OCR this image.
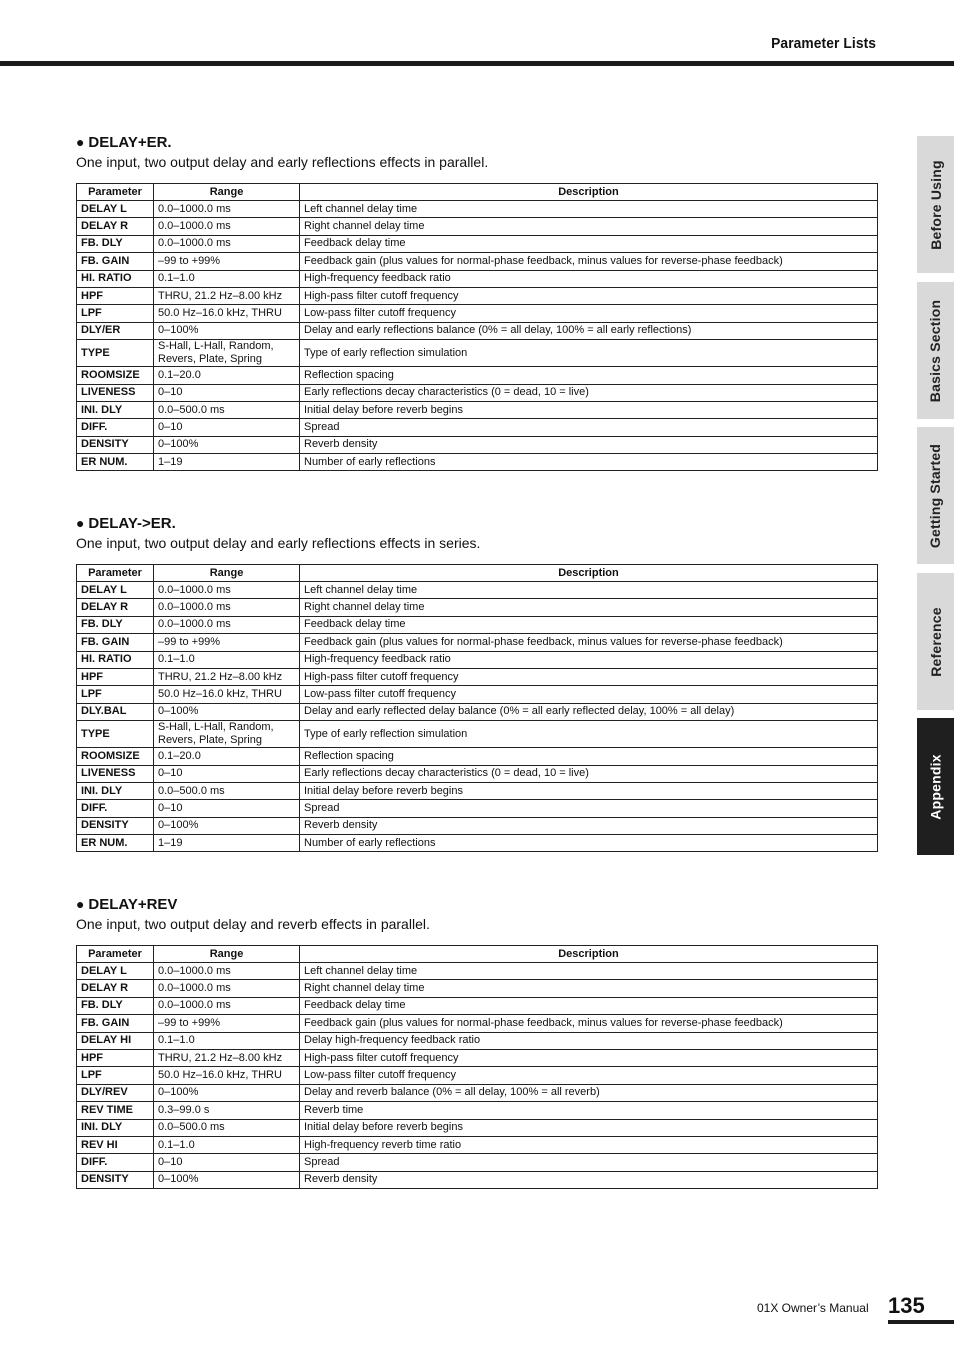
Parameter Lists
● DELAY+ER.
One input, two output delay and early reflections effects in parallel.
Parameter	Range	Description
DELAY L	0.0–1000.0 ms	Left channel delay time
DELAY R	0.0–1000.0 ms	Right channel delay time
FB. DLY	0.0–1000.0 ms	Feedback delay time
FB. GAIN	–99 to +99%	Feedback gain (plus values for normal-phase feedback, minus values for reverse-phase feedback)
HI. RATIO	0.1–1.0	High-frequency feedback ratio
HPF	THRU, 21.2 Hz–8.00 kHz	High-pass filter cutoff frequency
LPF	50.0 Hz–16.0 kHz, THRU	Low-pass filter cutoff frequency
DLY/ER	0–100%	Delay and early reflections balance (0% = all delay, 100% = all early reflections)
TYPE	S-Hall, L-Hall, Random, Revers, Plate, Spring	Type of early reflection simulation
ROOMSIZE	0.1–20.0	Reflection spacing
LIVENESS	0–10	Early reflections decay characteristics (0 = dead, 10 = live)
INI. DLY	0.0–500.0 ms	Initial delay before reverb begins
DIFF.	0–10	Spread
DENSITY	0–100%	Reverb density
ER NUM.	1–19	Number of early reflections
● DELAY->ER.
One input, two output delay and early reflections effects in series.
Parameter	Range	Description
DELAY L	0.0–1000.0 ms	Left channel delay time
DELAY R	0.0–1000.0 ms	Right channel delay time
FB. DLY	0.0–1000.0 ms	Feedback delay time
FB. GAIN	–99 to +99%	Feedback gain (plus values for normal-phase feedback, minus values for reverse-phase feedback)
HI. RATIO	0.1–1.0	High-frequency feedback ratio
HPF	THRU, 21.2 Hz–8.00 kHz	High-pass filter cutoff frequency
LPF	50.0 Hz–16.0 kHz, THRU	Low-pass filter cutoff frequency
DLY.BAL	0–100%	Delay and early reflected delay balance (0% = all early reflected delay, 100% = all delay)
TYPE	S-Hall, L-Hall, Random, Revers, Plate, Spring	Type of early reflection simulation
ROOMSIZE	0.1–20.0	Reflection spacing
LIVENESS	0–10	Early reflections decay characteristics (0 = dead, 10 = live)
INI. DLY	0.0–500.0 ms	Initial delay before reverb begins
DIFF.	0–10	Spread
DENSITY	0–100%	Reverb density
ER NUM.	1–19	Number of early reflections
● DELAY+REV
One input, two output delay and reverb effects in parallel.
Parameter	Range	Description
DELAY L	0.0–1000.0 ms	Left channel delay time
DELAY R	0.0–1000.0 ms	Right channel delay time
FB. DLY	0.0–1000.0 ms	Feedback delay time
FB. GAIN	–99 to +99%	Feedback gain (plus values for normal-phase feedback, minus values for reverse-phase feedback)
DELAY HI	0.1–1.0	Delay high-frequency feedback ratio
HPF	THRU, 21.2 Hz–8.00 kHz	High-pass filter cutoff frequency
LPF	50.0 Hz–16.0 kHz, THRU	Low-pass filter cutoff frequency
DLY/REV	0–100%	Delay and reverb balance (0% = all delay, 100% = all reverb)
REV TIME	0.3–99.0 s	Reverb time
INI. DLY	0.0–500.0 ms	Initial delay before reverb begins
REV HI	0.1–1.0	High-frequency reverb time ratio
DIFF.	0–10	Spread
DENSITY	0–100%	Reverb density
Before Using
Basics Section
Getting Started
Reference
Appendix
01X Owner’s Manual 135
